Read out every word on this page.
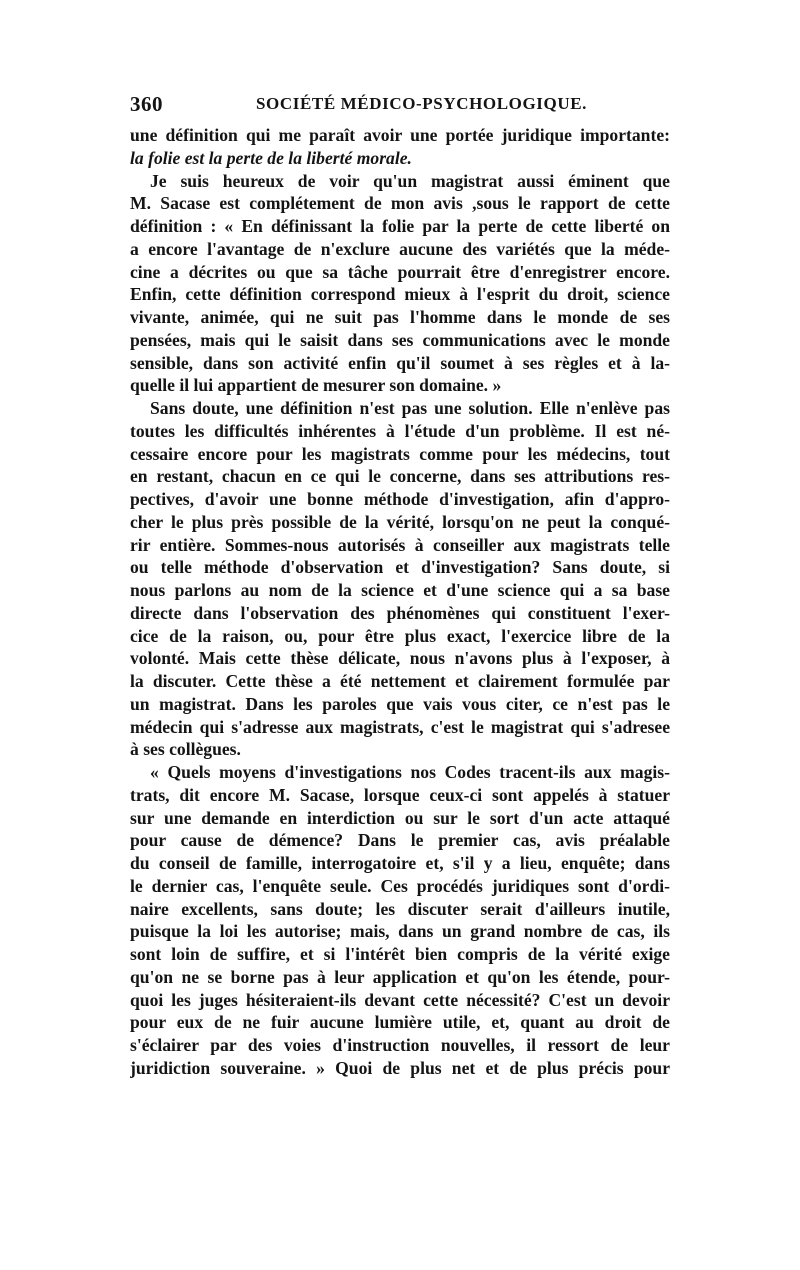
360	SOCIÉTÉ MÉDICO-PSYCHOLOGIQUE.
une définition qui me paraît avoir une portée juridique importante:
la folie est la perte de la liberté morale.
Je suis heureux de voir qu'un magistrat aussi éminent que
M. Sacase est complétement de mon avis ,sous le rapport de cette
définition : « En définissant la folie par la perte de cette liberté on
a encore l'avantage de n'exclure aucune des variétés que la méde-
cine a décrites ou que sa tâche pourrait être d'enregistrer encore.
Enfin, cette définition correspond mieux à l'esprit du droit, science
vivante, animée, qui ne suit pas l'homme dans le monde de ses
pensées, mais qui le saisit dans ses communications avec le monde
sensible, dans son activité enfin qu'il soumet à ses règles et à la-
quelle il lui appartient de mesurer son domaine. »
Sans doute, une définition n'est pas une solution. Elle n'enlève pas
toutes les difficultés inhérentes à l'étude d'un problème. Il est né-
cessaire encore pour les magistrats comme pour les médecins, tout
en restant, chacun en ce qui le concerne, dans ses attributions res-
pectives, d'avoir une bonne méthode d'investigation, afin d'appro-
cher le plus près possible de la vérité, lorsqu'on ne peut la conqué-
rir entière. Sommes-nous autorisés à conseiller aux magistrats telle
ou telle méthode d'observation et d'investigation? Sans doute, si
nous parlons au nom de la science et d'une science qui a sa base
directe dans l'observation des phénomènes qui constituent l'exer-
cice de la raison, ou, pour être plus exact, l'exercice libre de la
volonté. Mais cette thèse délicate, nous n'avons plus à l'exposer, à
la discuter. Cette thèse a été nettement et clairement formulée par
un magistrat. Dans les paroles que vais vous citer, ce n'est pas le
médecin qui s'adresse aux magistrats, c'est le magistrat qui s'adresee
à ses collègues.
« Quels moyens d'investigations nos Codes tracent-ils aux magis-
trats, dit encore M. Sacase, lorsque ceux-ci sont appelés à statuer
sur une demande en interdiction ou sur le sort d'un acte attaqué
pour cause de démence? Dans le premier cas, avis préalable
du conseil de famille, interrogatoire et, s'il y a lieu, enquête; dans
le dernier cas, l'enquête seule. Ces procédés juridiques sont d'ordi-
naire excellents, sans doute; les discuter serait d'ailleurs inutile,
puisque la loi les autorise; mais, dans un grand nombre de cas, ils
sont loin de suffire, et si l'intérêt bien compris de la vérité exige
qu'on ne se borne pas à leur application et qu'on les étende, pour-
quoi les juges hésiteraient-ils devant cette nécessité? C'est un devoir
pour eux de ne fuir aucune lumière utile, et, quant au droit de
s'éclairer par des voies d'instruction nouvelles, il ressort de leur
juridiction souveraine. » Quoi de plus net et de plus précis pour
